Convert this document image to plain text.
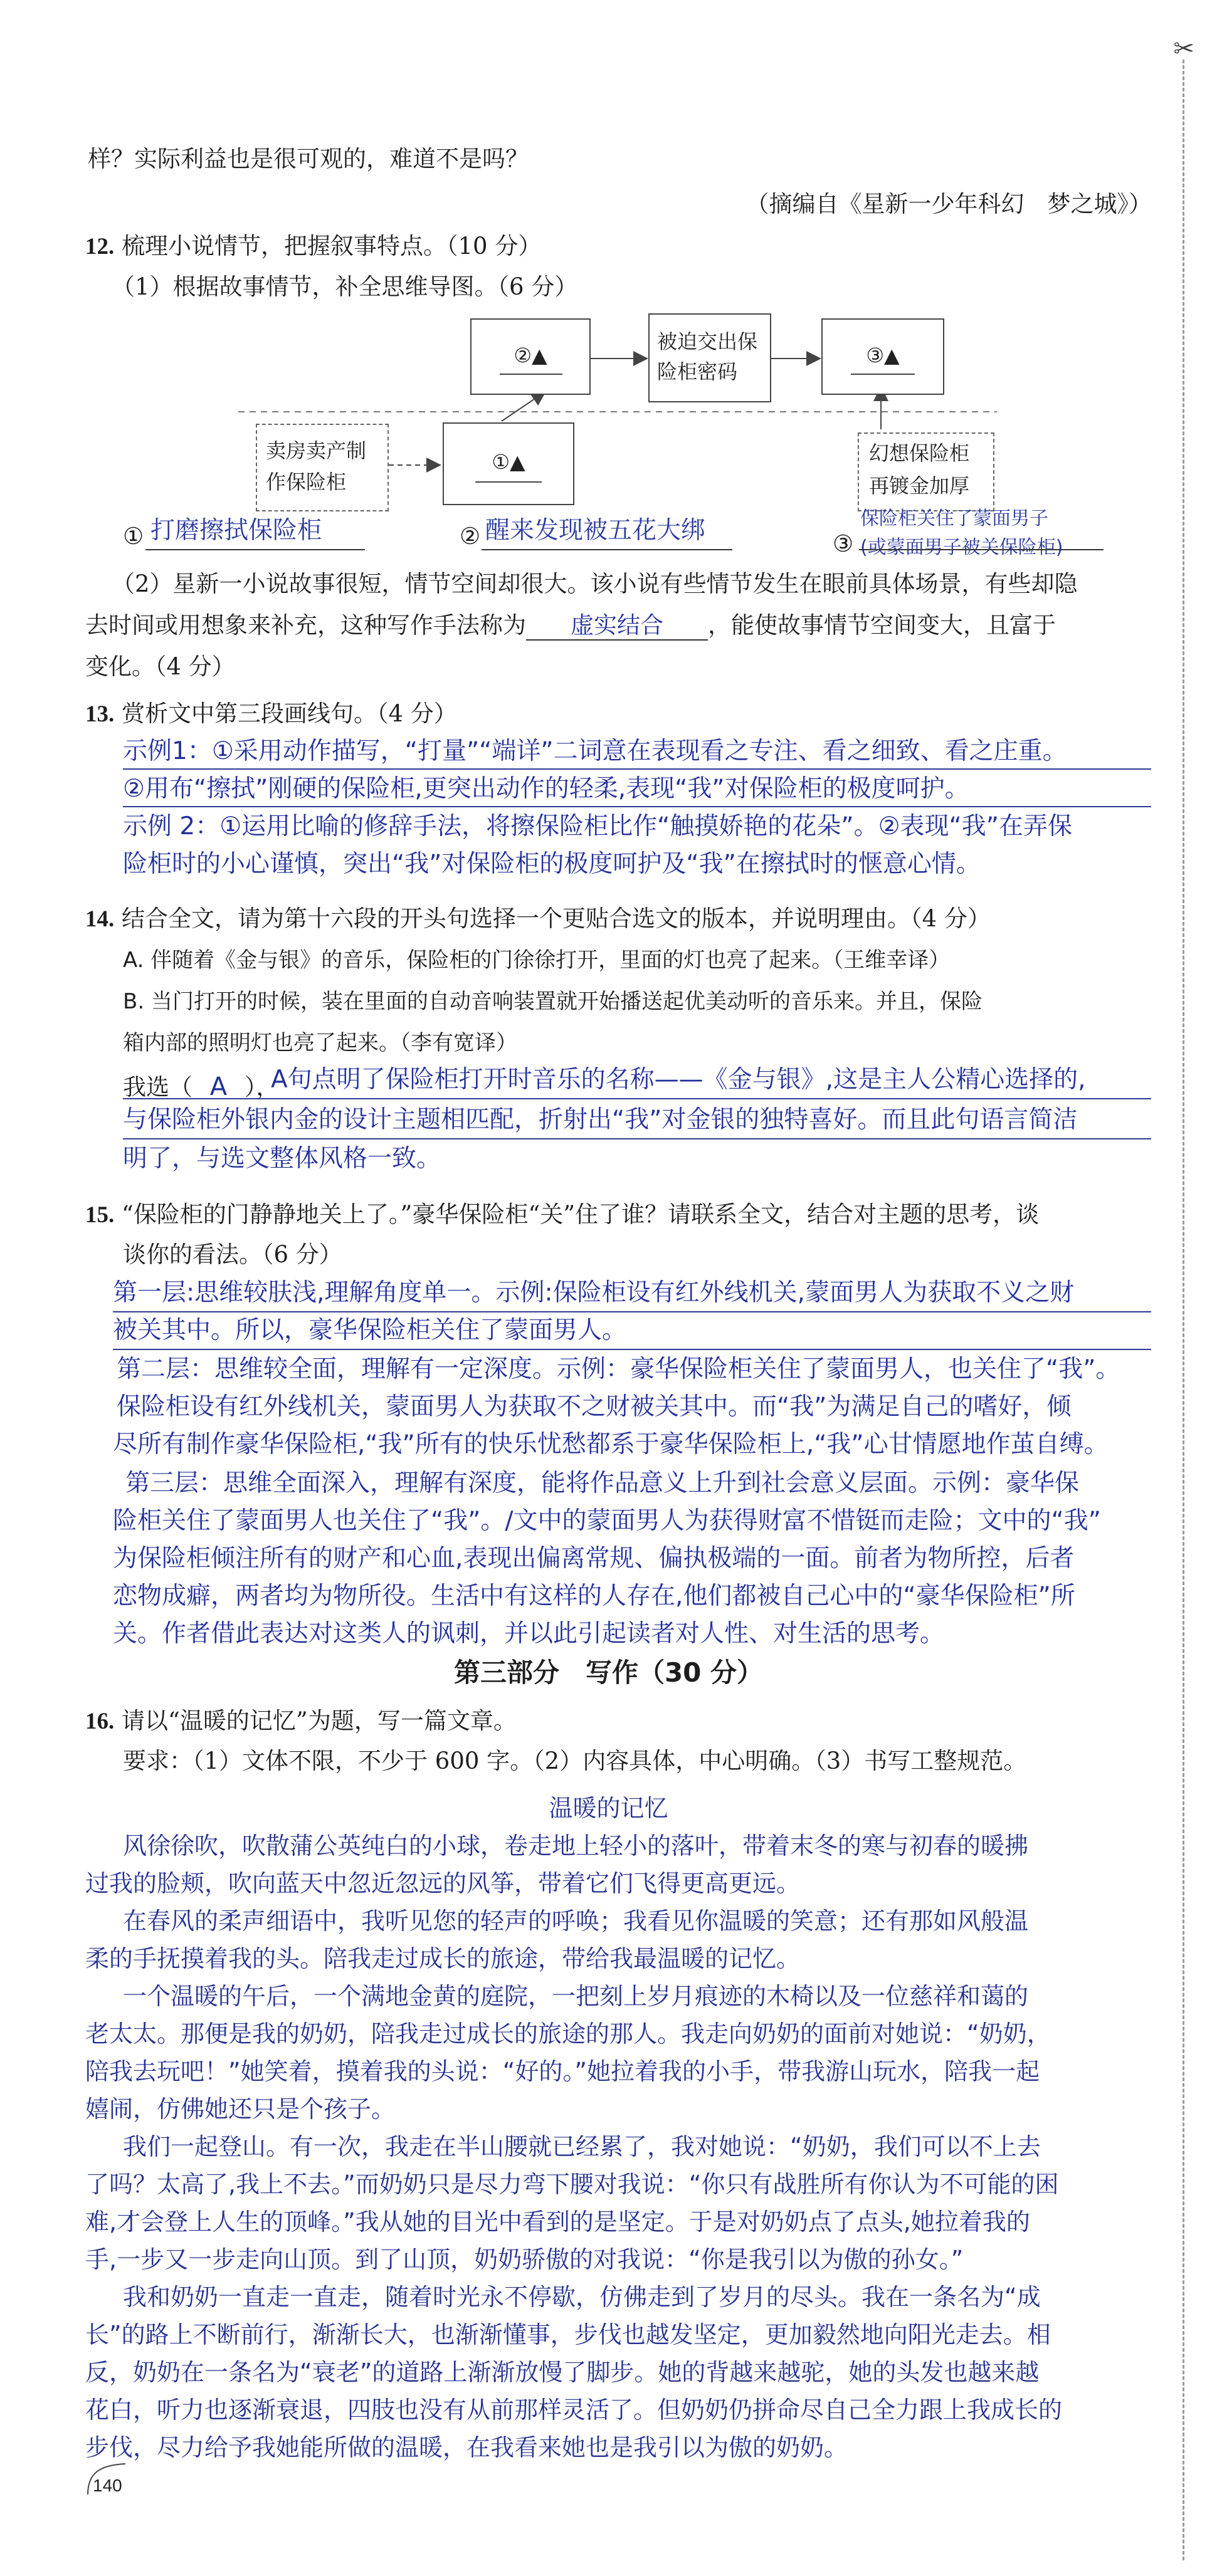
✂
样？实际利益也是很可观的，难道不是吗？
（摘编自《星新一少年科幻　梦之城》）
12. 梳理小说情节，把握叙事特点。（10 分）
（1）根据故事情节，补全思维导图。（6 分）
②▲
被迫交出保
险柜密码
③▲
卖房卖产制
作保险柜
①▲	幻想保险柜
再镀金加厚
① 打磨擦拭保险柜	② 醒来发现被五花大绑	③
保险柜关住了蒙面男子
(或蒙面男子被关保险柜)
（2）星新一小说故事很短，情节空间却很大。该小说有些情节发生在眼前具体场景，有些却隐
去时间或用想象来补充，这种写作手法称为 虚实结合 ，能使故事情节空间变大，且富于
变化。（4 分）
13. 赏析文中第三段画线句。（4 分）
示例1：①采用动作描写，“打量”“端详”二词意在表现看之专注、看之细致、看之庄重。
②用布“擦拭”刚硬的保险柜,更突出动作的轻柔,表现“我”对保险柜的极度呵护。
示例 2：①运用比喻的修辞手法，将擦保险柜比作“触摸娇艳的花朵”。②表现“我”在弄保
险柜时的小心谨慎，突出“我”对保险柜的极度呵护及“我”在擦拭时的惬意心情。
14. 结合全文，请为第十六段的开头句选择一个更贴合选文的版本，并说明理由。（4 分）
A. 伴随着《金与银》的音乐，保险柜的门徐徐打开，里面的灯也亮了起来。（王维幸译）
B. 当门打开的时候，装在里面的自动音响装置就开始播送起优美动听的音乐来。并且，保险
箱内部的照明灯也亮了起来。（李有宽译）
我选（ A ），
A句点明了保险柜打开时音乐的名称——《金与银》,这是主人公精心选择的,
与保险柜外银内金的设计主题相匹配，折射出“我”对金银的独特喜好。而且此句语言简洁
明了，与选文整体风格一致。
15. “保险柜的门静静地关上了。”豪华保险柜“关”住了谁？请联系全文，结合对主题的思考，谈
谈你的看法。（6 分）
第一层:思维较肤浅,理解角度单一。示例:保险柜设有红外线机关,蒙面男人为获取不义之财
被关其中。所以，豪华保险柜关住了蒙面男人。
第二层：思维较全面，理解有一定深度。示例：豪华保险柜关住了蒙面男人，也关住了“我”。
保险柜设有红外线机关，蒙面男人为获取不之财被关其中。而“我”为满足自己的嗜好，倾
尽所有制作豪华保险柜,“我”所有的快乐忧愁都系于豪华保险柜上,“我”心甘情愿地作茧自缚。
第三层：思维全面深入，理解有深度，能将作品意义上升到社会意义层面。示例：豪华保
险柜关住了蒙面男人也关住了“我”。/文中的蒙面男人为获得财富不惜铤而走险；文中的“我”
为保险柜倾注所有的财产和心血,表现出偏离常规、偏执极端的一面。前者为物所控，后者
恋物成癖，两者均为物所役。生活中有这样的人存在,他们都被自己心中的“豪华保险柜”所
关。作者借此表达对这类人的讽刺，并以此引起读者对人性、对生活的思考。
第三部分　写作（30 分）
16. 请以“温暖的记忆”为题，写一篇文章。
要求：（1）文体不限，不少于 600 字。（2）内容具体，中心明确。（3）书写工整规范。
温暖的记忆
风徐徐吹，吹散蒲公英纯白的小球，卷走地上轻小的落叶，带着末冬的寒与初春的暖拂
过我的脸颊，吹向蓝天中忽近忽远的风筝，带着它们飞得更高更远。
在春风的柔声细语中，我听见您的轻声的呼唤；我看见你温暖的笑意；还有那如风般温
柔的手抚摸着我的头。陪我走过成长的旅途，带给我最温暖的记忆。
一个温暖的午后，一个满地金黄的庭院，一把刻上岁月痕迹的木椅以及一位慈祥和蔼的
老太太。那便是我的奶奶，陪我走过成长的旅途的那人。我走向奶奶的面前对她说：“奶奶，
陪我去玩吧！”她笑着，摸着我的头说：“好的。”她拉着我的小手，带我游山玩水，陪我一起
嬉闹，仿佛她还只是个孩子。
我们一起登山。有一次，我走在半山腰就已经累了，我对她说：“奶奶，我们可以不上去
了吗？太高了,我上不去。”而奶奶只是尽力弯下腰对我说：“你只有战胜所有你认为不可能的困
难,才会登上人生的顶峰。”我从她的目光中看到的是坚定。于是对奶奶点了点头,她拉着我的
手,一步又一步走向山顶。到了山顶，奶奶骄傲的对我说：“你是我引以为傲的孙女。”
我和奶奶一直走一直走，随着时光永不停歇，仿佛走到了岁月的尽头。我在一条名为“成
长”的路上不断前行，渐渐长大，也渐渐懂事，步伐也越发坚定，更加毅然地向阳光走去。相
反，奶奶在一条名为“衰老”的道路上渐渐放慢了脚步。她的背越来越驼，她的头发也越来越
花白，听力也逐渐衰退，四肢也没有从前那样灵活了。但奶奶仍拼命尽自己全力跟上我成长的
步伐，尽力给予我她能所做的温暖，在我看来她也是我引以为傲的奶奶。
140
